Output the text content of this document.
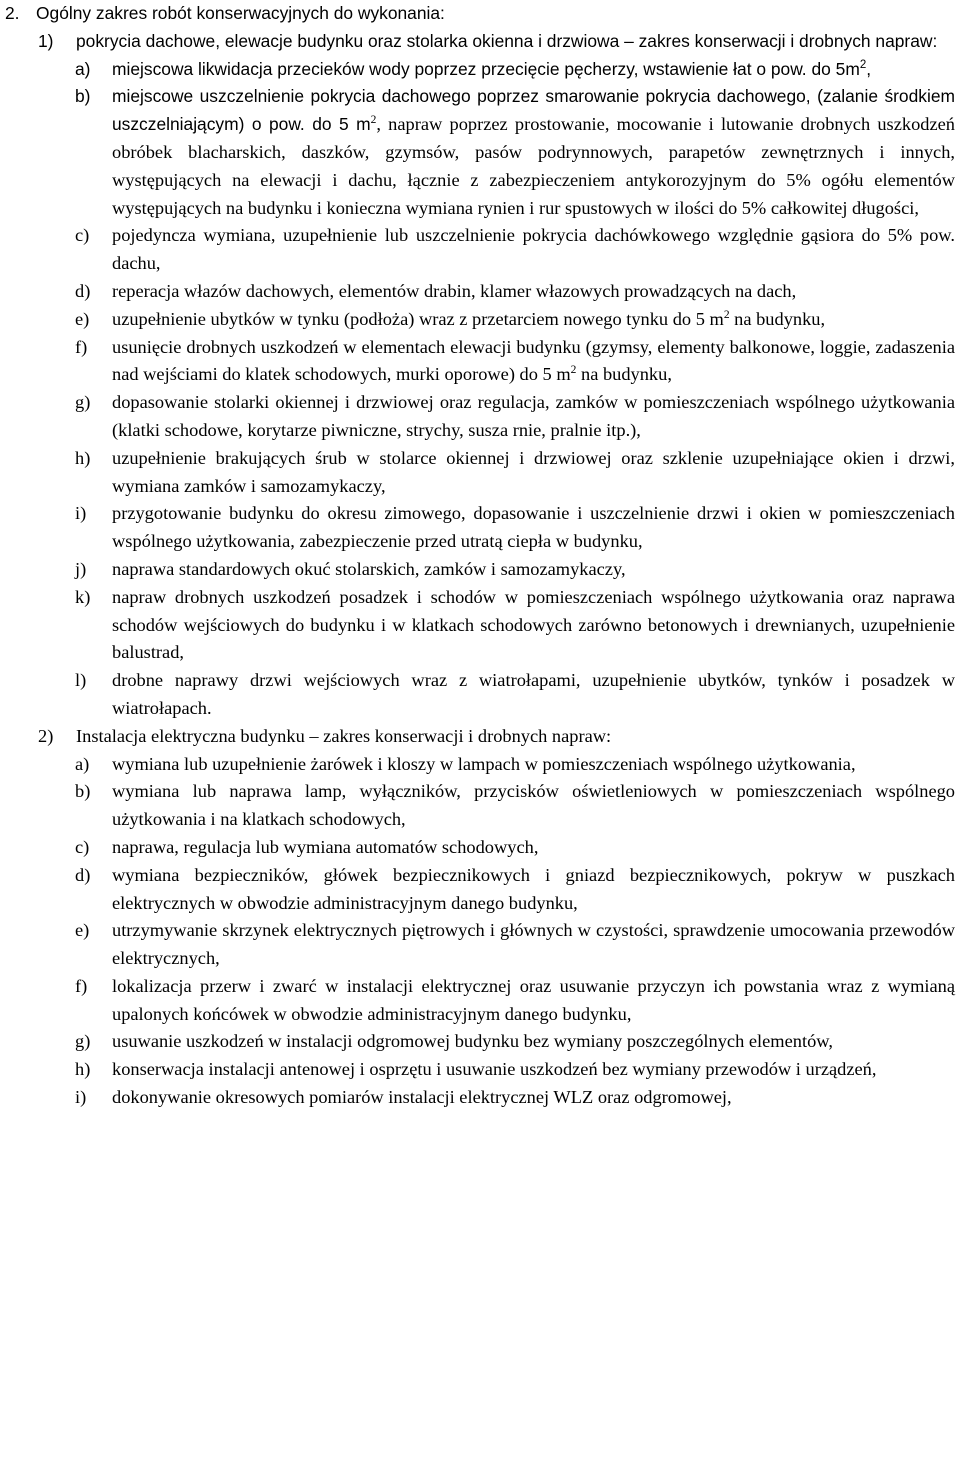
2. Ogólny zakres robót konserwacyjnych do wykonania:
1)	pokrycia dachowe, elewacje budynku oraz stolarka okienna i drzwiowa – zakres konserwacji i drobnych napraw:
a)	miejscowa likwidacja przecieków wody poprzez przecięcie pęcherzy, wstawienie łat o pow. do $5m^2$,
b)	miejscowe uszczelnienie pokrycia dachowego poprzez smarowanie pokrycia dachowego, (zalanie środkiem uszczelniającym) o pow. do 5 $m^2$, napraw poprzez prostowanie, mocowanie i lutowanie drobnych uszkodzeń obróbek blacharskich, daszków, gzymsów, pasów podrynnowych, parapetów zewnętrznych i innych, występujących na elewacji i dachu, łącznie z zabezpieczeniem antykorozyjnym do 5% ogółu elementów występujących na budynku i konieczna wymiana rynien i rur spustowych w ilości do 5% całkowitej długości,
c)	pojedyncza wymiana, uzupełnienie lub uszczelnienie pokrycia dachówkowego względnie gąsiora do 5% pow. dachu,
d)	reperacja włazów dachowych, elementów drabin, klamer włazowych prowadzących na dach,
e)	uzupełnienie ubytków w tynku (podłoża) wraz z przetarciem nowego tynku do 5 $m^2$ na budynku,
f)	usunięcie drobnych uszkodzeń w elementach elewacji budynku (gzymsy, elementy balkonowe, loggie, zadaszenia nad wejściami do klatek schodowych, murki oporowe) do 5 $m^2$ na budynku,
g)	dopasowanie stolarki okiennej i drzwiowej oraz regulacja, zamków w pomieszczeniach wspólnego użytkowania (klatki schodowe, korytarze piwniczne, strychy, susza rnie, pralnie itp.),
h)	uzupełnienie brakujących śrub w stolarce okiennej i drzwiowej oraz szklenie uzupełniające okien i drzwi, wymiana zamków i samozamykaczy,
i)	przygotowanie budynku do okresu zimowego, dopasowanie i uszczelnienie drzwi i okien w pomieszczeniach wspólnego użytkowania, zabezpieczenie przed utratą ciepła w budynku,
j)	naprawa standardowych okuć stolarskich, zamków i samozamykaczy,
k)	napraw drobnych uszkodzeń posadzek i schodów w pomieszczeniach wspólnego użytkowania oraz naprawa schodów wejściowych do budynku i w klatkach schodowych zarówno betonowych i drewnianych, uzupełnienie balustrad,
l)	drobne naprawy drzwi wejściowych wraz z wiatrołapami, uzupełnienie ubytków, tynków i posadzek w wiatrołapach.
2)	Instalacja elektryczna budynku – zakres konserwacji i drobnych napraw:
a)	wymiana lub uzupełnienie żarówek i kloszy w lampach w pomieszczeniach wspólnego użytkowania,
b)	wymiana lub naprawa lamp, wyłączników, przycisków oświetleniowych w pomieszczeniach wspólnego użytkowania i na klatkach schodowych,
c)	naprawa, regulacja lub wymiana automatów schodowych,
d)	wymiana bezpieczników, główek bezpiecznikowych i gniazd bezpiecznikowych, pokryw w puszkach elektrycznych w obwodzie administracyjnym danego budynku,
e)	utrzymywanie skrzynek elektrycznych piętrowych i głównych w czystości, sprawdzenie umocowania przewodów elektrycznych,
f)	lokalizacja przerw i zwarć w instalacji elektrycznej oraz usuwanie przyczyn ich powstania wraz z wymianą upalonych końcówek w obwodzie administracyjnym danego budynku,
g)	usuwanie uszkodzeń w instalacji odgromowej budynku bez wymiany poszczególnych elementów,
h)	konserwacja instalacji antenowej i osprzętu i usuwanie uszkodzeń bez wymiany przewodów i urządzeń,
i)	dokonywanie okresowych pomiarów instalacji elektrycznej WLZ oraz odgromowej,
